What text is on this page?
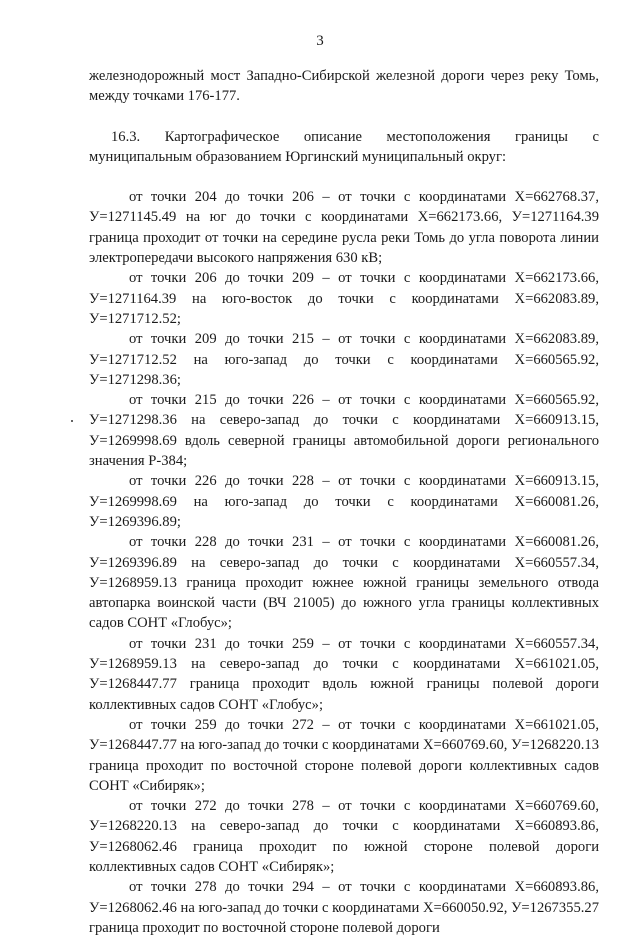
3

железнодорожный мост Западно-Сибирской железной дороги через реку Томь, между точками 176-177.

16.3. Картографическое описание местоположения границы с муниципальным образованием Юргинский муниципальный округ:

от точки 204 до точки 206 – от точки с координатами Х=662768.37, У=1271145.49 на юг до точки с координатами Х=662173.66, У=1271164.39 граница проходит от точки на середине русла реки Томь до угла поворота линии электропередачи высокого напряжения 630 кВ;

от точки 206 до точки 209 – от точки с координатами Х=662173.66, У=1271164.39 на юго-восток до точки с координатами Х=662083.89, У=1271712.52;

от точки 209 до точки 215 – от точки с координатами Х=662083.89, У=1271712.52 на юго-запад до точки с координатами Х=660565.92, У=1271298.36;

от точки 215 до точки 226 – от точки с координатами Х=660565.92, У=1271298.36 на северо-запад до точки с координатами Х=660913.15, У=1269998.69 вдоль северной границы автомобильной дороги регионального значения Р-384;

от точки 226 до точки 228 – от точки с координатами Х=660913.15, У=1269998.69 на юго-запад до точки с координатами Х=660081.26, У=1269396.89;

от точки 228 до точки 231 – от точки с координатами Х=660081.26, У=1269396.89 на северо-запад до точки с координатами Х=660557.34, У=1268959.13 граница проходит южнее южной границы земельного отвода автопарка воинской части (ВЧ 21005) до южного угла границы коллективных садов СОНТ «Глобус»;

от точки 231 до точки 259 – от точки с координатами Х=660557.34, У=1268959.13 на северо-запад до точки с координатами Х=661021.05, У=1268447.77 граница проходит вдоль южной границы полевой дороги коллективных садов СОНТ «Глобус»;

от точки 259 до точки 272 – от точки с координатами Х=661021.05, У=1268447.77 на юго-запад до точки с координатами Х=660769.60, У=1268220.13 граница проходит по восточной стороне полевой дороги коллективных садов СОНТ «Сибиряк»;

от точки 272 до точки 278 – от точки с координатами Х=660769.60, У=1268220.13 на северо-запад до точки с координатами Х=660893.86, У=1268062.46 граница проходит по южной стороне полевой дороги коллективных садов СОНТ «Сибиряк»;

от точки 278 до точки 294 – от точки с координатами Х=660893.86, У=1268062.46 на юго-запад до точки с координатами Х=660050.92, У=1267355.27 граница проходит по восточной стороне полевой дороги
